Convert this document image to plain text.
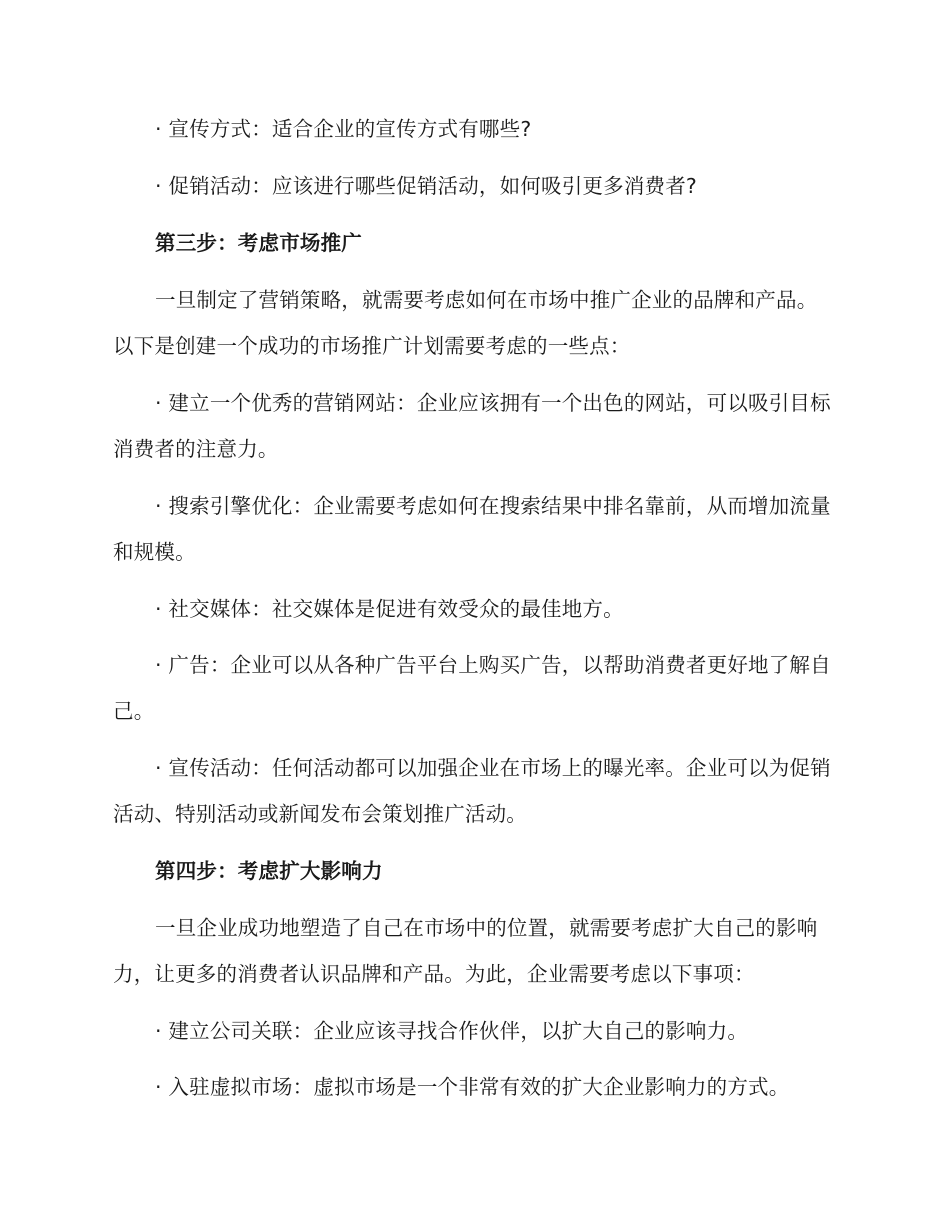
· 宣传方式：适合企业的宣传方式有哪些?

· 促销活动：应该进行哪些促销活动，如何吸引更多消费者?

第三步：考虑市场推广

一旦制定了营销策略，就需要考虑如何在市场中推广企业的品牌和产品。以下是创建一个成功的市场推广计划需要考虑的一些点：

· 建立一个优秀的营销网站：企业应该拥有一个出色的网站，可以吸引目标消费者的注意力。

· 搜索引擎优化：企业需要考虑如何在搜索结果中排名靠前，从而增加流量和规模。

· 社交媒体：社交媒体是促进有效受众的最佳地方。

· 广告：企业可以从各种广告平台上购买广告，以帮助消费者更好地了解自己。

· 宣传活动：任何活动都可以加强企业在市场上的曝光率。企业可以为促销活动、特别活动或新闻发布会策划推广活动。

第四步：考虑扩大影响力

一旦企业成功地塑造了自己在市场中的位置，就需要考虑扩大自己的影响力，让更多的消费者认识品牌和产品。为此，企业需要考虑以下事项：

· 建立公司关联：企业应该寻找合作伙伴，以扩大自己的影响力。

· 入驻虚拟市场：虚拟市场是一个非常有效的扩大企业影响力的方式。
